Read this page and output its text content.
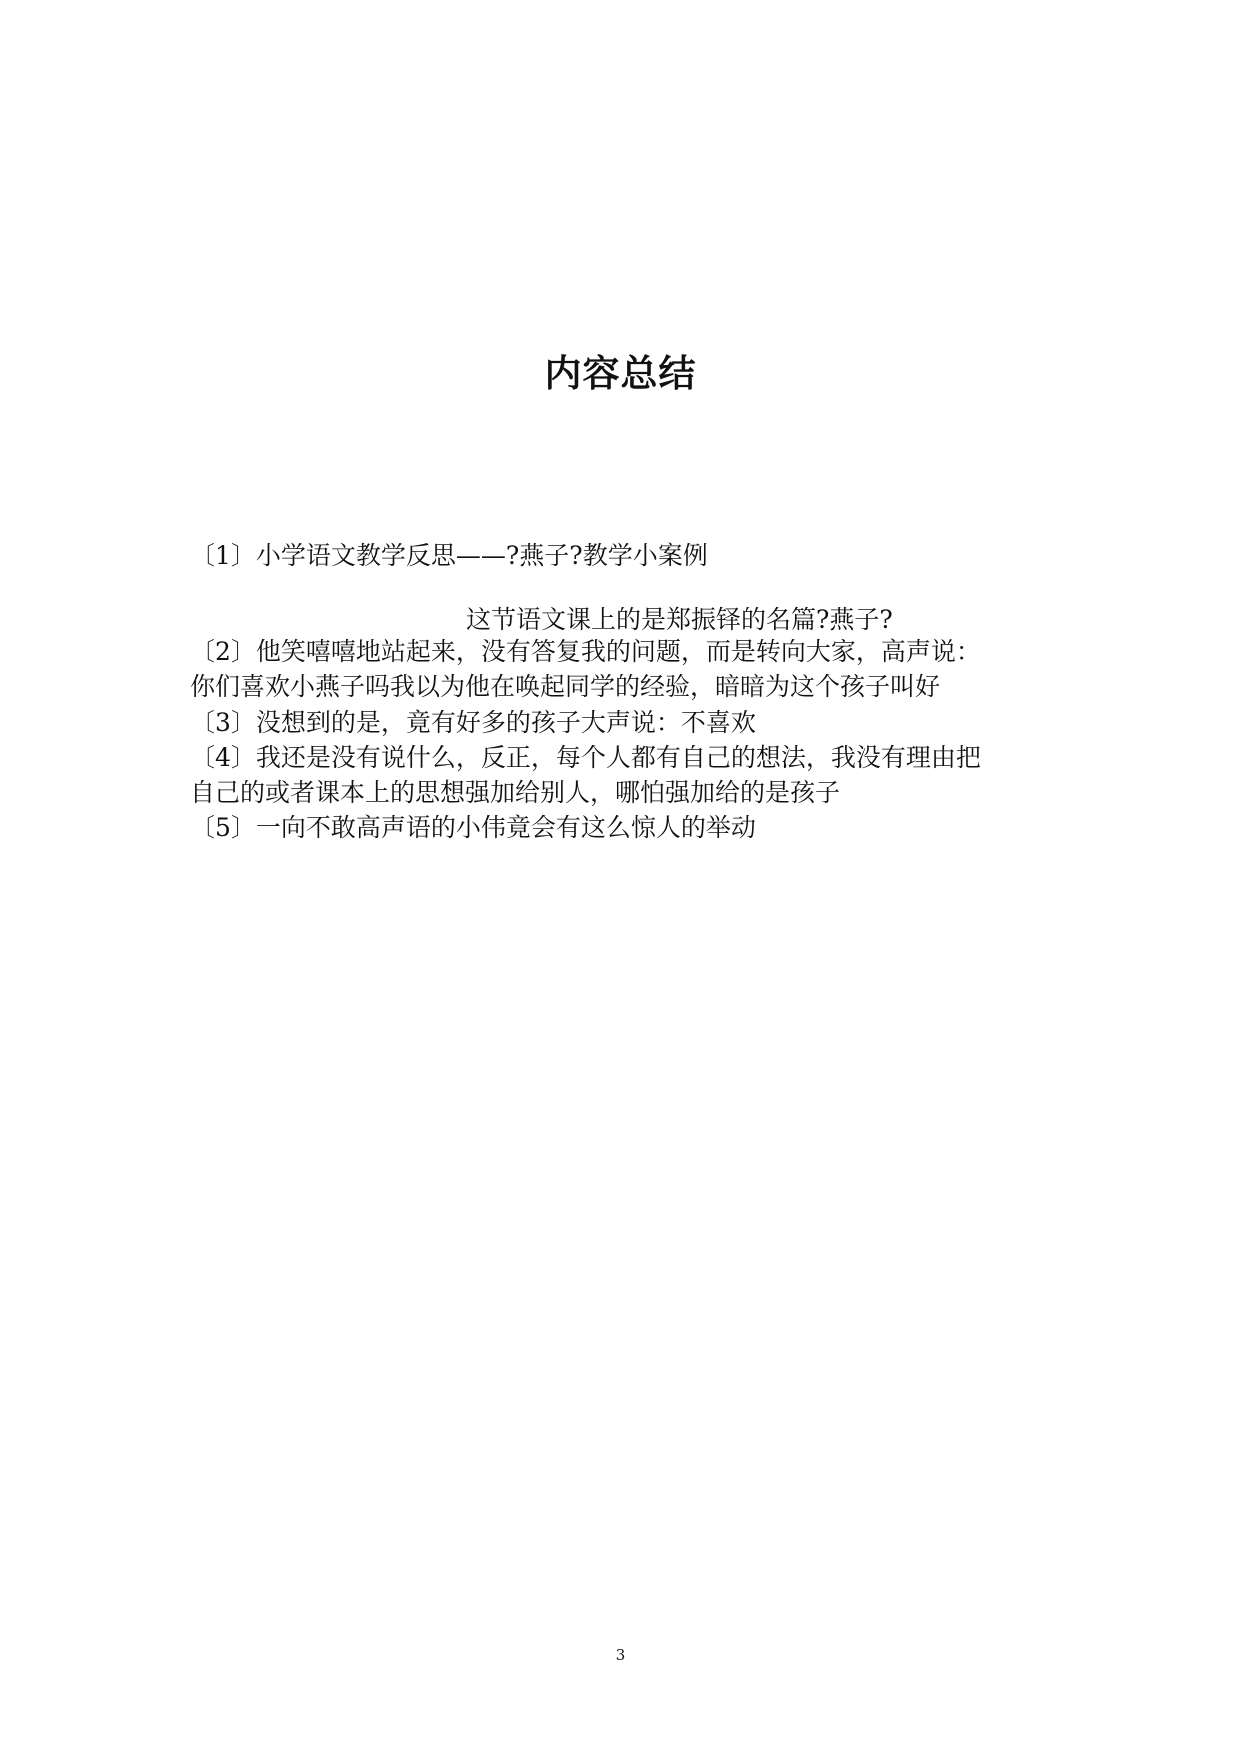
内容总结
〔1〕小学语文教学反思——?燕子?教学小案例
这节语文课上的是郑振铎的名篇?燕子?
〔2〕他笑嘻嘻地站起来，没有答复我的问题，而是转向大家，高声说：
你们喜欢小燕子吗我以为他在唤起同学的经验，暗暗为这个孩子叫好
〔3〕没想到的是，竟有好多的孩子大声说：不喜欢
〔4〕我还是没有说什么，反正，每个人都有自己的想法，我没有理由把
自己的或者课本上的思想强加给别人，哪怕强加给的是孩子
〔5〕一向不敢高声语的小伟竟会有这么惊人的举动
3
